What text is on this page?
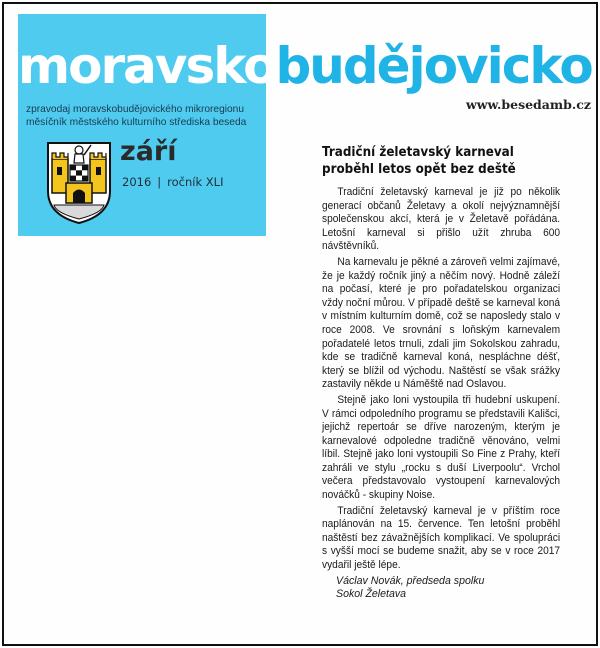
moravskobudějovicko
zpravodaj moravskobudějovického mikroregionu
měsíčník městského kulturního střediska beseda
www.besedamb.cz
září
2016 | ročník XLI
Tradiční želetavský karneval proběhl letos opět bez deště

Tradiční želetavský karneval je již po několik generací občanů Želetavy a okolí nejvýznamnější společenskou akcí, která je v Želetavě pořádána. Letošní karneval si přišlo užít zhruba 600 návštěvníků.

Na karnevalu je pěkné a zároveň velmi zajímavé, že je každý ročník jiný a něčím nový. Hodně záleží na počasí, které je pro pořadatelskou organizaci vždy noční můrou. V případě deště se karneval koná v místním kulturním domě, což se naposledy stalo v roce 2008. Ve srovnání s loňským karnevalem pořadatelé letos trnuli, zdali jim Sokolskou zahradu, kde se tradičně karneval koná, nespláchne déšť, který se blížil od východu. Naštěstí se však srážky zastavily někde u Náměště nad Oslavou.

Stejně jako loni vystoupila tři hudební uskupení. V rámci odpoledního programu se představili Kališci, jejichž repertoár se dříve narozeným, kterým je karnevalové odpoledne tradičně věnováno, velmi líbil. Stejně jako loni vystoupili So Fine z Prahy, kteří zahráli ve stylu „rocku s duší Liverpoolu“. Vrchol večera představovalo vystoupení karnevalových nováčků - skupiny Noise.

Tradiční želetavský karneval je v příštím roce naplánován na 15. července. Ten letošní proběhl naštěstí bez závažnějších komplikací. Ve spolupráci s vyšší mocí se budeme snažit, aby se v roce 2017 vydařil ještě lépe.

Václav Novák, předseda spolku
Sokol Želetava
